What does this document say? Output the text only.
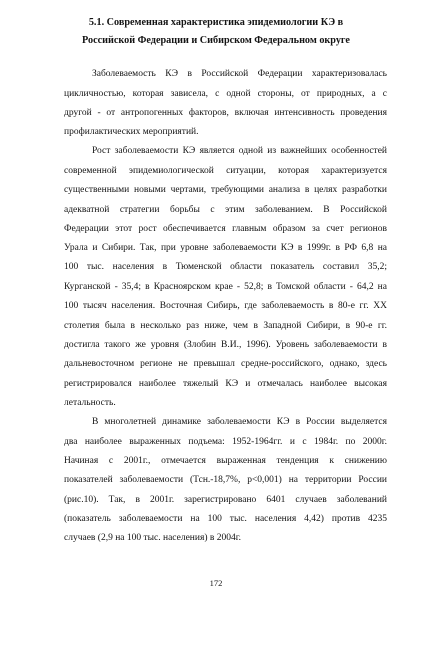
5.1. Современная характеристика эпидемиологии КЭ в
Российской Федерации и Сибирском Федеральном округе
Заболеваемость КЭ в Российской Федерации характеризовалась
цикличностью, которая зависела, с одной стороны, от природных, а с
другой - от антропогенных факторов, включая интенсивность проведения
профилактических мероприятий.
Рост заболеваемости КЭ является одной из важнейших особенностей
современной эпидемиологической ситуации, которая характеризуется
существенными новыми чертами, требующими анализа в целях разработки
адекватной стратегии борьбы с этим заболеванием. В Российской
Федерации этот рост обеспечивается главным образом за счет регионов
Урала и Сибири. Так, при уровне заболеваемости КЭ в 1999г. в РФ 6,8 на
100 тыс. населения в Тюменской области показатель составил 35,2;
Курганской - 35,4; в Красноярском крае - 52,8; в Томской области - 64,2 на
100 тысяч населения. Восточная Сибирь, где заболеваемость в 80-е гг. XX
столетия была в несколько раз ниже, чем в Западной Сибири, в 90-е гг.
достигла такого же уровня (Злобин В.И., 1996). Уровень заболеваемости в
дальневосточном регионе не превышал средне-российского, однако, здесь
регистрировался наиболее тяжелый КЭ и отмечалась наиболее высокая
летальность.
В многолетней динамике заболеваемости КЭ в России выделяется
два наиболее выраженных подъема: 1952-1964гг. и с 1984г. по 2000г.
Начиная с 2001г., отмечается выраженная тенденция к снижению
показателей заболеваемости (Тсн.-18,7%, p<0,001) на территории России
(рис.10). Так, в 2001г. зарегистрировано 6401 случаев заболеваний
(показатель заболеваемости на 100 тыс. населения 4,42) против 4235
случаев (2,9 на 100 тыс. населения) в 2004г.
172
